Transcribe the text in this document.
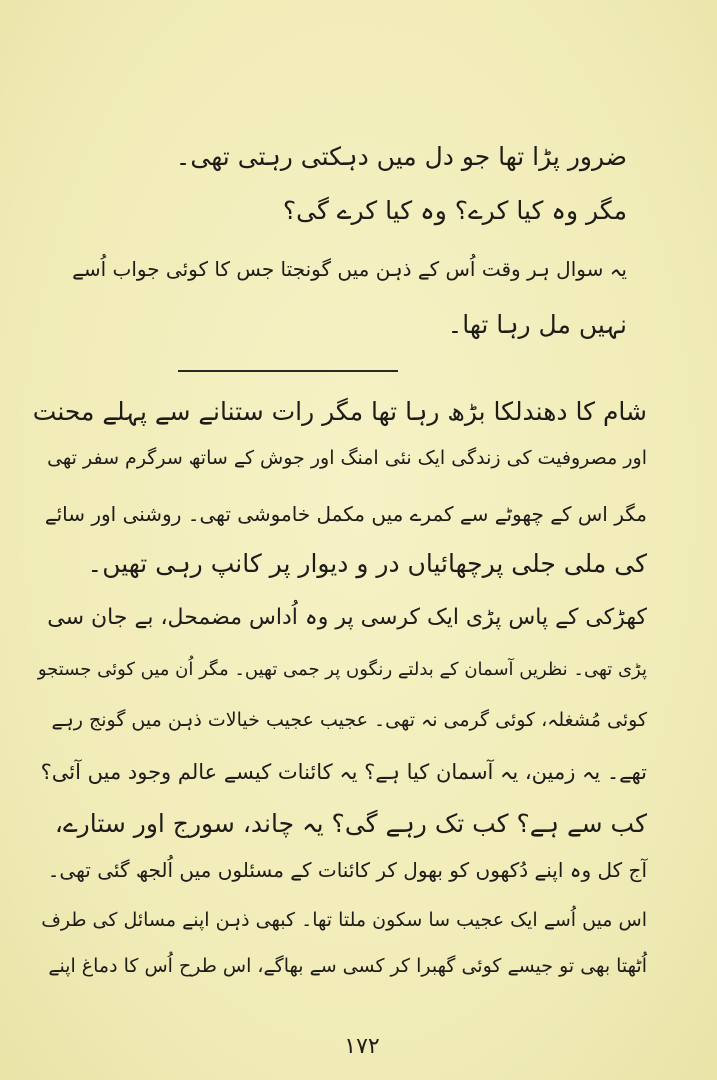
ضرور پڑا تھا جو دل میں دہکتی رہتی تھی۔
مگر وہ کیا کرے؟ وہ کیا کرے گی؟
یہ سوال ہر وقت اُس کے ذہن میں گونجتا جس کا کوئی جواب اُسے
نہیں مل رہا تھا۔
شام کا دھندلکا بڑھ رہا تھا مگر رات ستنانے سے پہلے محنت
اور مصروفیت کی زندگی ایک نئی امنگ اور جوش کے ساتھ سرگرم سفر تھی
مگر اس کے چھوٹے سے کمرے میں مکمل خاموشی تھی۔ روشنی اور سائے
کی ملی جلی پرچھائیاں در و دیوار پر کانپ رہی تھیں۔
کھڑکی کے پاس پڑی ایک کرسی پر وہ اُداس مضمحل، بے جان سی
پڑی تھی۔ نظریں آسمان کے بدلتے رنگوں پر جمی تھیں۔ مگر اُن میں کوئی جستجو
کوئی مُشغلہ، کوئی گرمی نہ تھی۔ عجیب عجیب خیالات ذہن میں گونج رہے
تھے۔ یہ زمین، یہ آسمان کیا ہے؟ یہ کائنات کیسے عالم وجود میں آئی؟
کب سے ہے؟ کب تک رہے گی؟ یہ چاند، سورج اور ستارے،
آج کل وہ اپنے دُکھوں کو بھول کر کائنات کے مسئلوں میں اُلجھ گئی تھی۔
اس میں اُسے ایک عجیب سا سکون ملتا تھا۔ کبھی ذہن اپنے مسائل کی طرف
اُٹھتا بھی تو جیسے کوئی گھبرا کر کسی سے بھاگے، اس طرح اُس کا دماغ اپنے
۱۷۲
